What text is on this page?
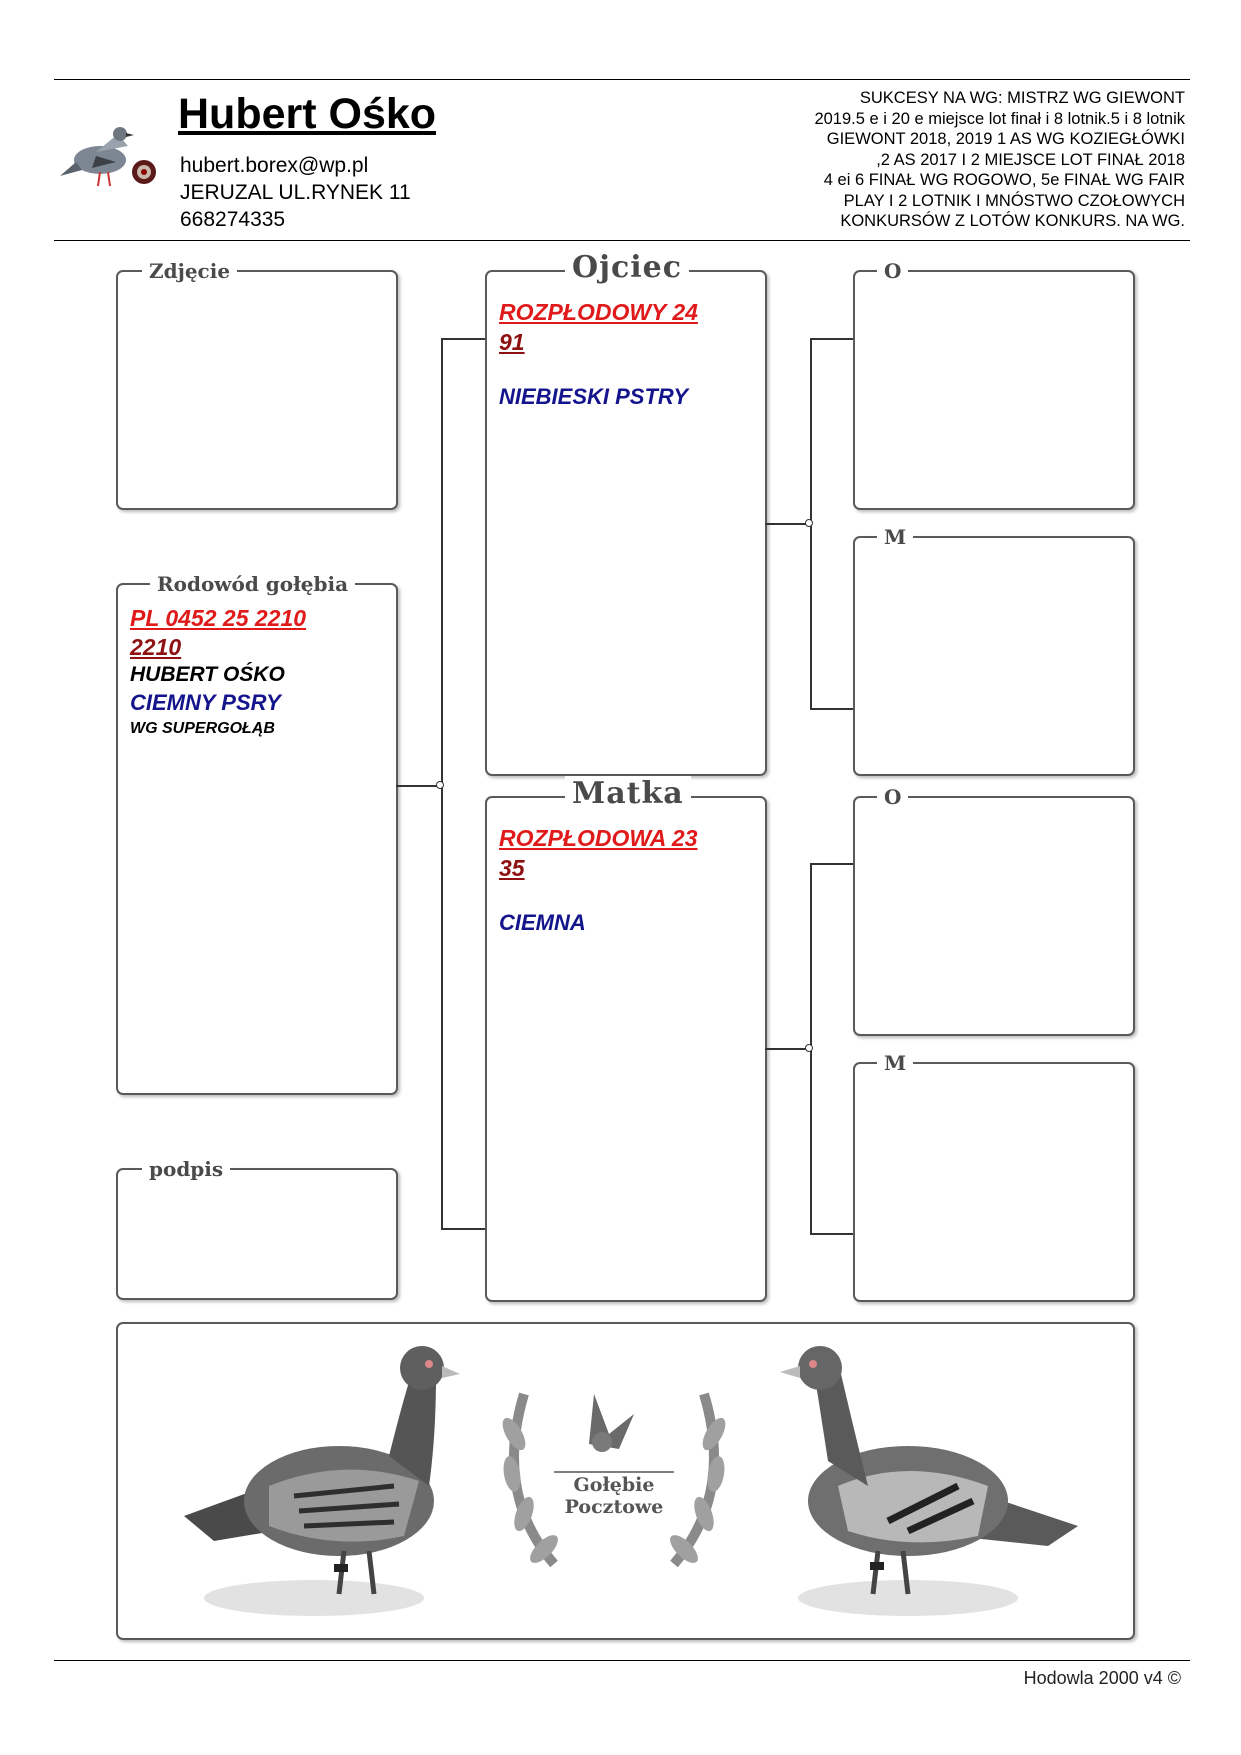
Hubert Ośko
hubert.borex@wp.pl
JERUZAL UL.RYNEK 11
668274335
SUKCESY NA WG: MISTRZ WG GIEWONT
2019.5 e i 20 e miejsce lot finał i 8 lotnik.5 i 8 lotnik
GIEWONT 2018, 2019 1 AS WG KOZIEGŁÓWKI
,2 AS 2017 I 2 MIEJSCE LOT FINAŁ 2018
4 ei 6 FINAŁ WG ROGOWO, 5e FINAŁ WG FAIR
PLAY I 2 LOTNIK I MNÓSTWO CZOŁOWYCH
KONKURSÓW Z LOTÓW KONKURS. NA WG.
Zdjęcie
Rodowód gołębia
PL 0452 25 2210
2210
HUBERT OŚKO
CIEMNY PSRY
WG SUPERGOŁĄB
podpis
Ojciec
ROZPŁODOWY 24
91
NIEBIESKI PSTRY
Matka
ROZPŁODOWA 23
35
CIEMNA
O
M
O
M
Gołębie
Pocztowe
Hodowla 2000 v4 ©
